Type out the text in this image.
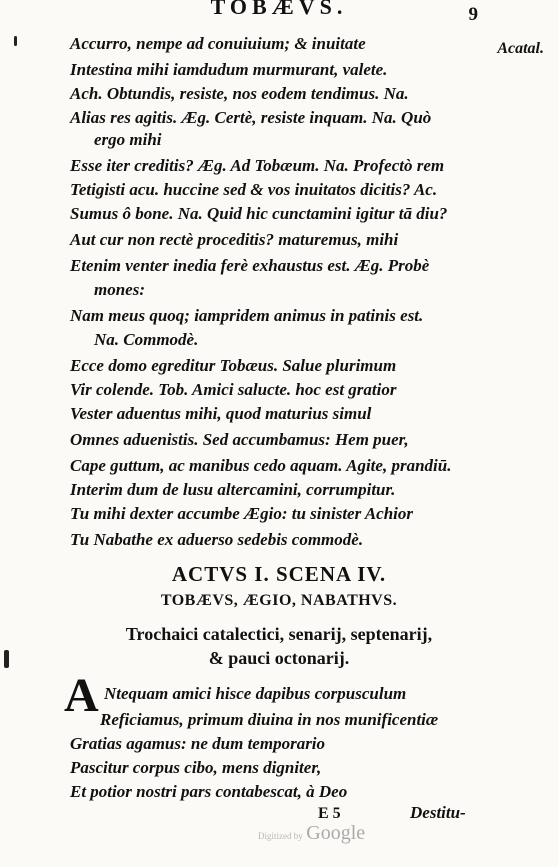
TOBÆVS.	9
Acatal.
Accurro, nempe ad conuiuium; & inuitate
Intestina mihi iamdudum murmurant, valete.
Ach. Obtundis, resiste, nos eodem tendimus. Na.
Alias res agitis. Æg. Certè, resiste inquam. Na. Quò
ergo mihi
Esse iter creditis? Æg. Ad Tobæum. Na. Profectò rem
Tetigisti acu. huccine sed & vos inuitatos dicitis? Ac.
Sumus ô bone. Na. Quid hic cunctamini igitur tā diu?
Aut cur non rectè proceditis? maturemus, mihi
Etenim venter inedia ferè exhaustus est. Æg. Probè
mones:
Nam meus quoq; iampridem animus in patinis est.
Na. Commodè.
Ecce domo egreditur Tobæus. Salue plurimum
Vir colende. Tob. Amici salucte. hoc est gratior
Vester aduentus mihi, quod maturius simul
Omnes aduenistis. Sed accumbamus: Hem puer,
Cape guttum, ac manibus cedo aquam. Agite, prandiū.
Interim dum de lusu altercamini, corrumpitur.
Tu mihi dexter accumbe Ægio: tu sinister Achior
Tu Nabathe ex aduerso sedebis commodè.
ACTVS I. SCENA IV.
TOBÆVS, ÆGIO, NABATHVS.
Trochaici catalectici, senarij, septenarij,
& pauci octonarij.
A Ntequam amici hisce dapibus corpusculum
Reficiamus, primum diuina in nos munificentiæ
Gratias agamus: ne dum temporario
Pascitur corpus cibo, mens digniter,
Et potior nostri pars contabescat, à Deo
E 5	Destitu-
Digitized by Google
